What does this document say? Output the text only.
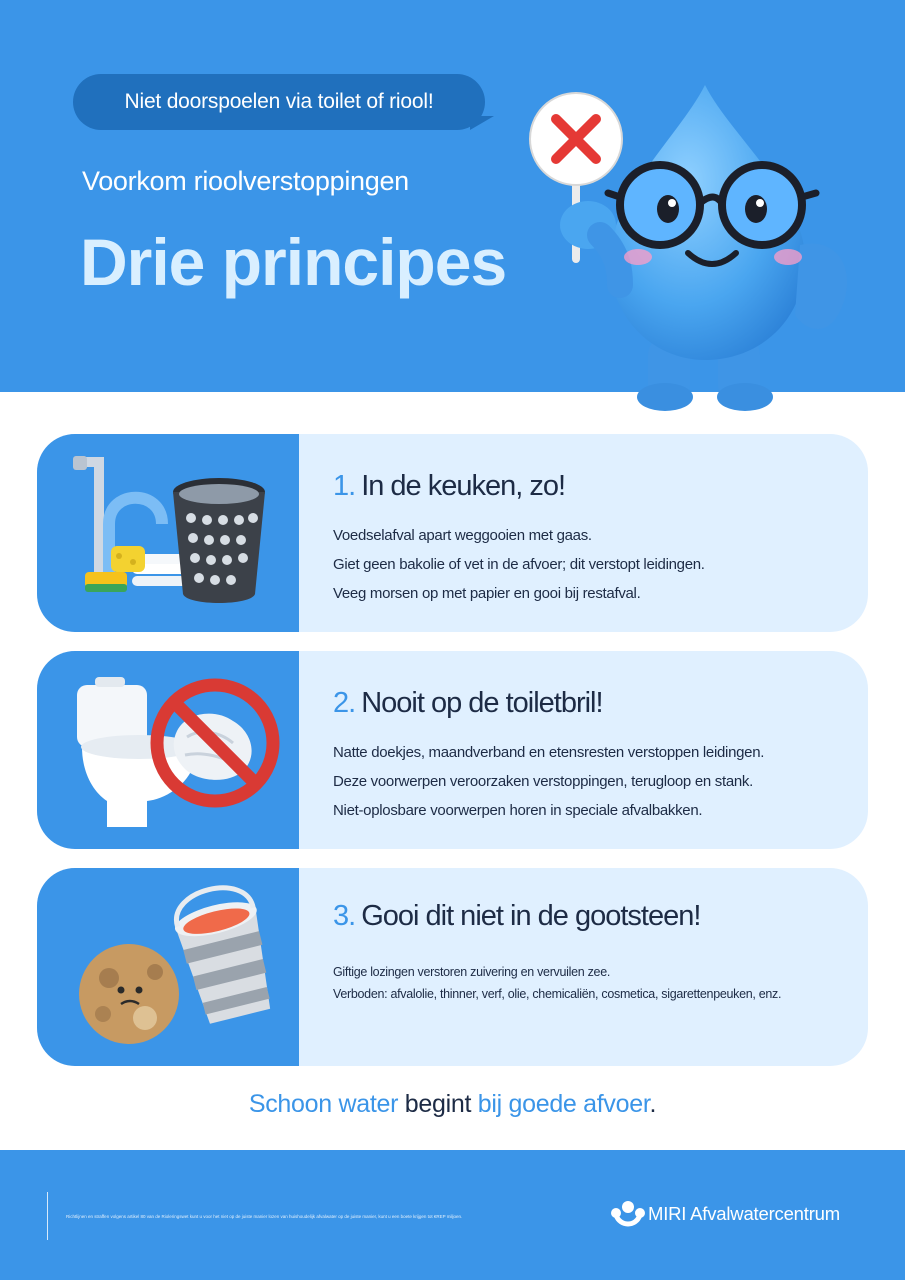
Niet doorspoelen via toilet of riool!
Voorkom rioolverstoppingen
Drie principes
1. In de keuken, zo!
Voedselafval apart weggooien met gaas.
Giet geen bakolie of vet in de afvoer; dit verstopt leidingen.
Veeg morsen op met papier en gooi bij restafval.
2. Nooit op de toiletbril!
Natte doekjes, maandverband en etensresten verstoppen leidingen.
Deze voorwerpen veroorzaken verstoppingen, terugloop en stank.
Niet-oplosbare voorwerpen horen in speciale afvalbakken.
3. Gooi dit niet in de gootsteen!
Giftige lozingen verstoren zuivering en vervuilen zee.
Verboden: afvalolie, thinner, verf, olie, chemicaliën, cosmetica, sigarettenpeuken, enz.
Schoon water begint bij goede afvoer.
Richtlijnen en straffen volgens artikel 80 van de Rioleringswet kunt u voor het niet op de juiste manier lozen van huishoudelijk afvalwater op de juiste manier, kunt u een boete krijgen tot €REP miljoen.	MIRI Afvalwatercentrum
